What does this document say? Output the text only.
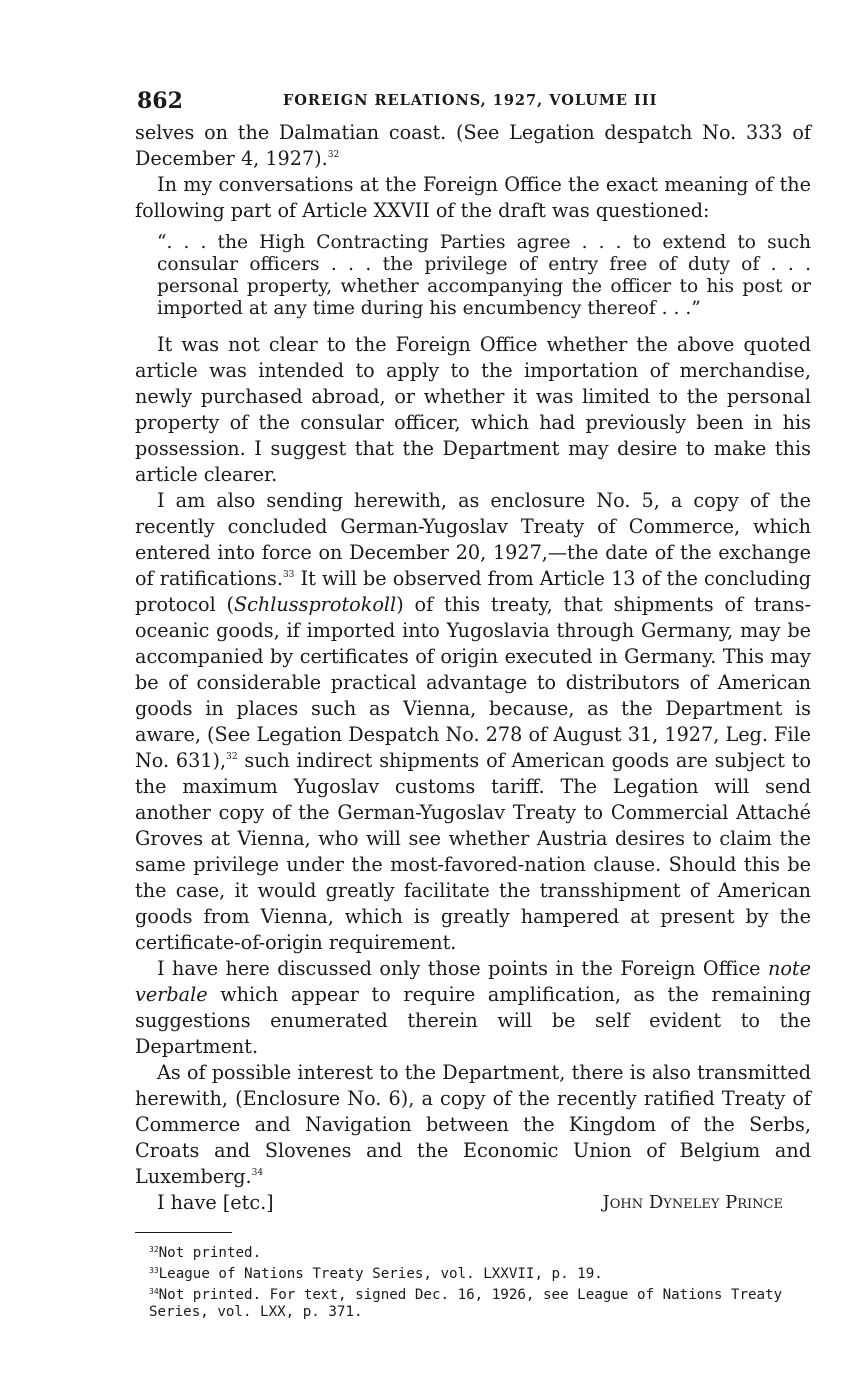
862	FOREIGN RELATIONS, 1927, VOLUME III

selves on the Dalmatian coast. (See Legation despatch No. 333 of December 4, 1927).$^{32}$

In my conversations at the Foreign Office the exact meaning of the following part of Article XXVII of the draft was questioned:

“. . . the High Contracting Parties agree . . . to extend to such consular officers . . . the privilege of entry free of duty of . . . personal property, whether accompanying the officer to his post or imported at any time during his encumbency thereof . . .”

It was not clear to the Foreign Office whether the above quoted article was intended to apply to the importation of merchandise, newly purchased abroad, or whether it was limited to the personal property of the consular officer, which had previously been in his possession. I suggest that the Department may desire to make this article clearer.

I am also sending herewith, as enclosure No. 5, a copy of the recently concluded German-Yugoslav Treaty of Commerce, which entered into force on December 20, 1927,—the date of the exchange of ratifications.$^{33}$ It will be observed from Article 13 of the concluding protocol (Schlussprotokoll) of this treaty, that shipments of trans-oceanic goods, if imported into Yugoslavia through Germany, may be accompanied by certificates of origin executed in Germany. This may be of considerable practical advantage to distributors of American goods in places such as Vienna, because, as the Department is aware, (See Legation Despatch No. 278 of August 31, 1927, Leg. File No. 631),$^{32}$ such indirect shipments of American goods are subject to the maximum Yugoslav customs tariff. The Legation will send another copy of the German-Yugoslav Treaty to Commercial Attaché Groves at Vienna, who will see whether Austria desires to claim the same privilege under the most-favored-nation clause. Should this be the case, it would greatly facilitate the transshipment of American goods from Vienna, which is greatly hampered at present by the certificate-of-origin requirement.

I have here discussed only those points in the Foreign Office note verbale which appear to require amplification, as the remaining suggestions enumerated therein will be self evident to the Department.

As of possible interest to the Department, there is also transmitted herewith, (Enclosure No. 6), a copy of the recently ratified Treaty of Commerce and Navigation between the Kingdom of the Serbs, Croats and Slovenes and the Economic Union of Belgium and Luxemberg.$^{34}$

I have [etc.]	John Dyneley Prince

$^{32}$Not printed.

$^{33}$League of Nations Treaty Series, vol. LXXVII, p. 19.

$^{34}$Not printed. For text, signed Dec. 16, 1926, see League of Nations Treaty Series, vol. LXX, p. 371.
